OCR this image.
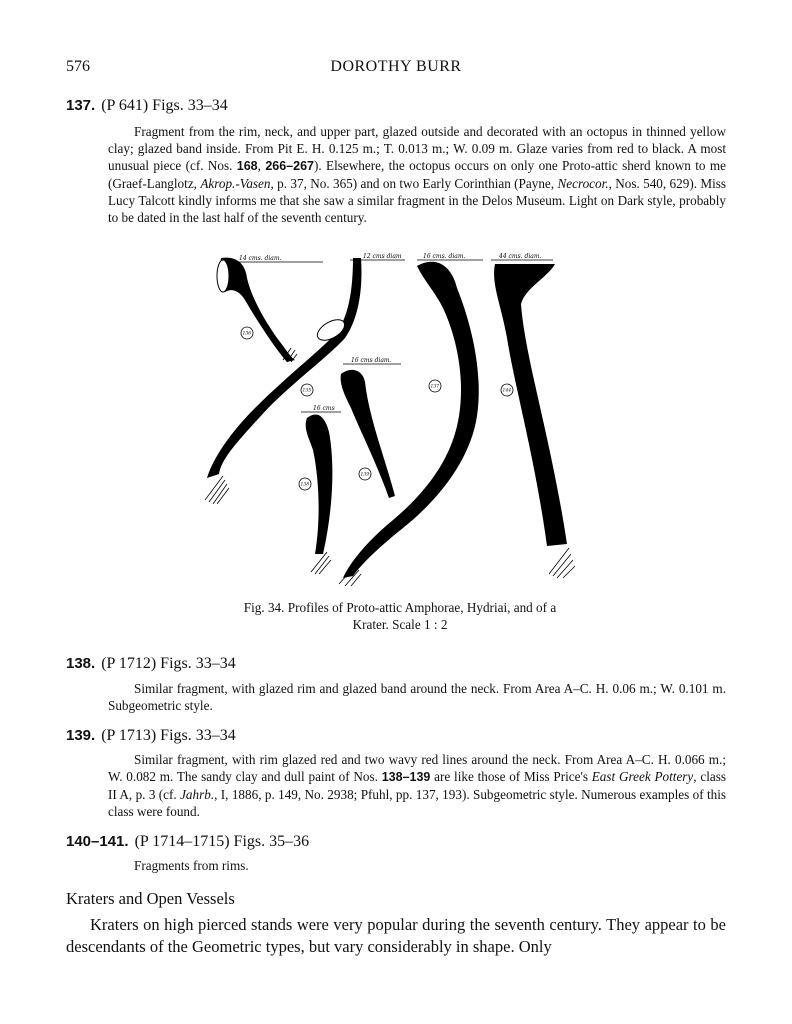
DOROTHY BURR
576
137. (P 641) Figs. 33–34
Fragment from the rim, neck, and upper part, glazed outside and decorated with an octopus in thinned yellow clay; glazed band inside. From Pit E. H. 0.125 m.; T. 0.013 m.; W. 0.09 m. Glaze varies from red to black. A most unusual piece (cf. Nos. 168, 266–267). Elsewhere, the octopus occurs on only one Proto-attic sherd known to me (Graef-Langlotz, Akrop.-Vasen, p. 37, No. 365) and on two Early Corinthian (Payne, Necrocor., Nos. 540, 629). Miss Lucy Talcott kindly informs me that she saw a similar fragment in the Delos Museum. Light on Dark style, probably to be dated in the last half of the seventh century.
14 cms. diam.
136
12 cms diam
135
16 cms. diam.
137
44 cms. diam.
144
16 cms diam.
139
16 cms
138
Fig. 34. Profiles of Proto-attic Amphorae, Hydriai, and of a
Krater. Scale 1 : 2
138. (P 1712) Figs. 33–34
Similar fragment, with glazed rim and glazed band around the neck. From Area A–C. H. 0.06 m.; W. 0.101 m. Subgeometric style.
139. (P 1713) Figs. 33–34
Similar fragment, with rim glazed red and two wavy red lines around the neck. From Area A–C. H. 0.066 m.; W. 0.082 m. The sandy clay and dull paint of Nos. 138–139 are like those of Miss Price's East Greek Pottery, class II A, p. 3 (cf. Jahrb., I, 1886, p. 149, No. 2938; Pfuhl, pp. 137, 193). Subgeometric style. Numerous examples of this class were found.
140–141. (P 1714–1715) Figs. 35–36
Fragments from rims.
Kraters and Open Vessels
Kraters on high pierced stands were very popular during the seventh century. They appear to be descendants of the Geometric types, but vary considerably in shape. Only
